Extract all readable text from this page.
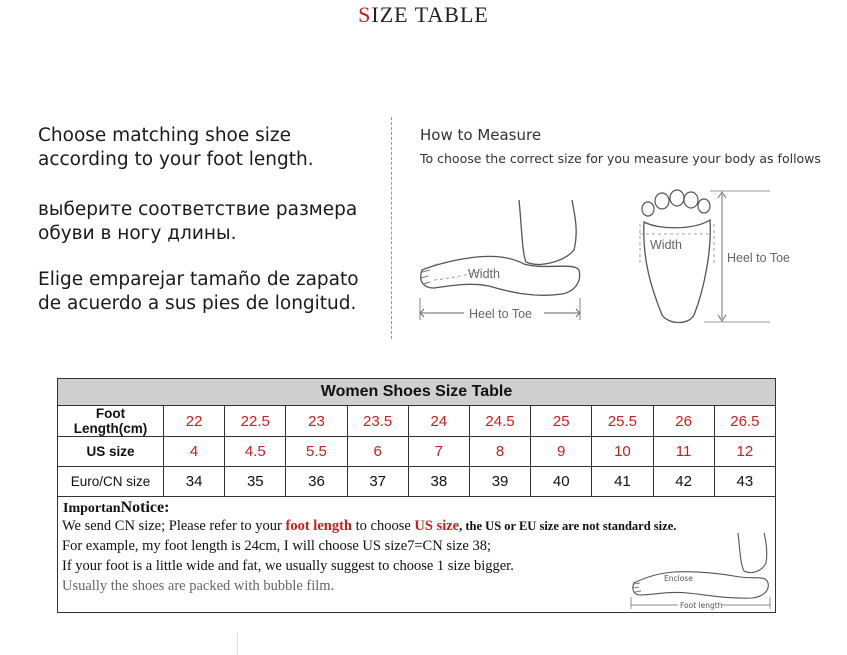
SIZE TABLE

Choose matching shoe size

according to your foot length.

выберите соответствие размера

обуви в ногу длины.

Elige emparejar tamaño de zapato

de acuerdo a sus pies de longitud.

How to Measure
To choose the correct size for you measure your body as follows
Width
Heel to Toe
Width
Heel to Toe
Women Shoes Size Table										
Foot Length(cm)	22	22.5	23	23.5	24	24.5	25	25.5	26	26.5
US size	4	4.5	5.5	6	7	8	9	10	11	12
Euro/CN size	34	35	36	37	38	39	40	41	42	43
ImportanNotice:
We send CN size; Please refer to your foot length to choose US size, the US or EU size are not standard size.
For example, my foot length is 24cm, I will choose US size7=CN size 38;
If your foot is a little wide and fat, we usually suggest to choose 1 size bigger.
Usually the shoes are packed with bubble film.	Enclose
Foot length
